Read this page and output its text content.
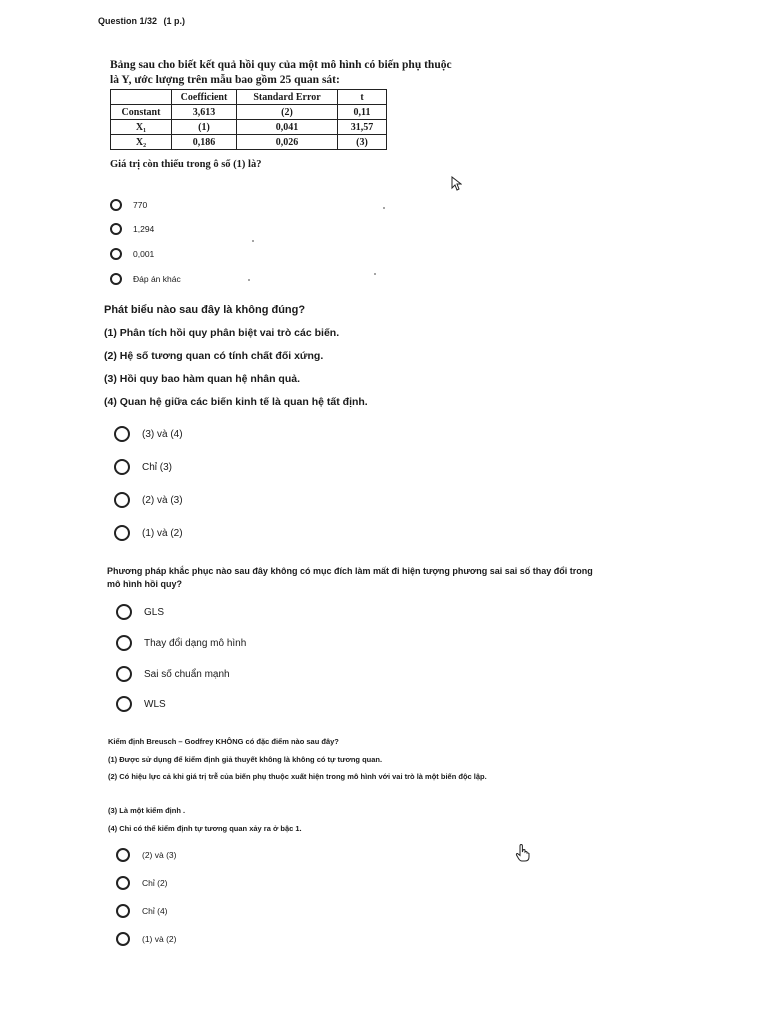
Question 1/32 (1 p.)
Bảng sau cho biết kết quả hồi quy của một mô hình có biến phụ thuộc
là Y, ước lượng trên mẫu bao gồm 25 quan sát:
	Coefficient	Standard Error	t
Constant	3,613	(2)	0,11
X₁	(1)	0,041	31,57
X₂	0,186	0,026	(3)
Giá trị còn thiếu trong ô số (1) là?
770
1,294
0,001
Đáp án khác
Phát biểu nào sau đây là không đúng?
(1) Phân tích hồi quy phân biệt vai trò các biến.
(2) Hệ số tương quan có tính chất đối xứng.
(3) Hồi quy bao hàm quan hệ nhân quả.
(4) Quan hệ giữa các biến kinh tế là quan hệ tất định.
(3) và (4)
Chỉ (3)
(2) và (3)
(1) và (2)
Phương pháp khắc phục nào sau đây không có mục đích làm mất đi hiện tượng phương sai sai số thay đổi trong mô hình hồi quy?
GLS
Thay đổi dạng mô hình
Sai số chuẩn mạnh
WLS
Kiểm định Breusch – Godfrey KHÔNG có đặc điểm nào sau đây?
(1) Được sử dụng để kiểm định giả thuyết không là không có tự tương quan.
(2) Có hiệu lực cả khi giá trị trễ của biến phụ thuộc xuất hiện trong mô hình với vai trò là một biến độc lập.
(3) Là một kiểm định .
(4) Chỉ có thể kiểm định tự tương quan xảy ra ở bậc 1.
(2) và (3)
Chỉ (2)
Chỉ (4)
(1) và (2)
